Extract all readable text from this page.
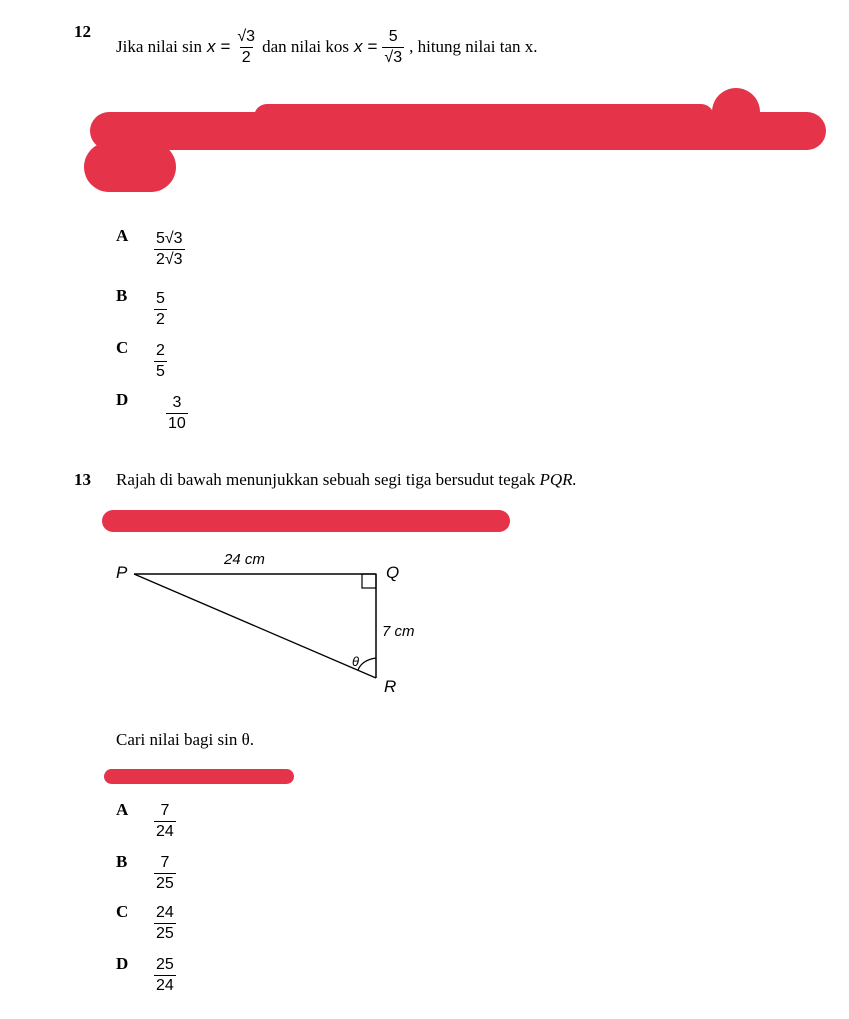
12
Jika nilai $\sin x = \frac{√3}{2}$ dan nilai kos $x = \frac{5}{√3}$ , hitung nilai tan x.
A $\frac{5√3}{2√3}$
B $\frac{5}{2}$
C $\frac{2}{5}$
D $\frac{3}{10}$
13 Rajah di bawah menunjukkan sebuah segi tiga bersudut tegak PQR.
P	Q
R
24 cm
7 cm
θ
Cari nilai bagi sin θ.
A $\frac{7}{24}$
B $\frac{7}{25}$
C $\frac{24}{25}$
D $\frac{25}{24}$
